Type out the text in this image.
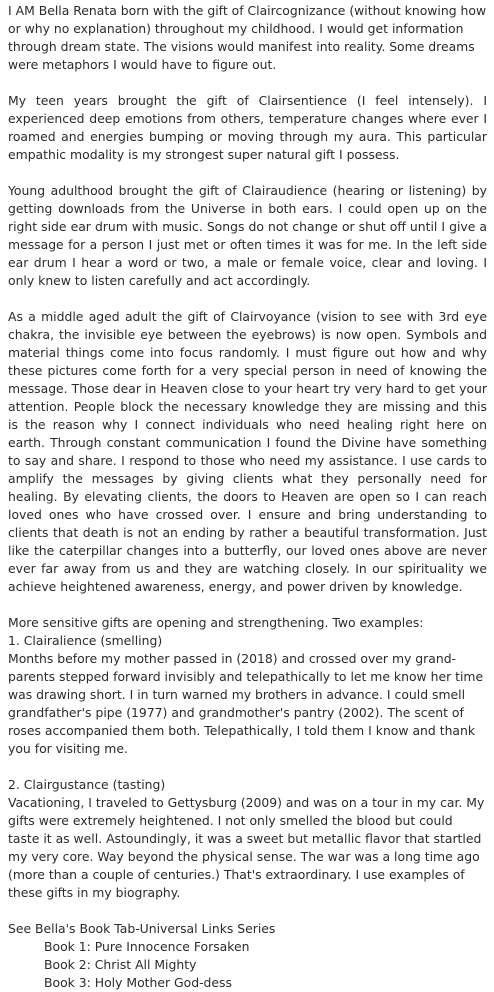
I AM Bella Renata born with the gift of Claircognizance (without knowing how or why no explanation) throughout my childhood. I would get information through dream state. The visions would manifest into reality. Some dreams were metaphors I would have to figure out.

My teen years brought the gift of Clairsentience (I feel intensely). I experienced deep emotions from others, temperature changes where ever I roamed and energies bumping or moving through my aura. This particular empathic modality is my strongest super natural gift I possess.

Young adulthood brought the gift of Clairaudience (hearing or listening) by getting downloads from the Universe in both ears. I could open up on the right side ear drum with music. Songs do not change or shut off until I give a message for a person I just met or often times it was for me. In the left side ear drum I hear a word or two, a male or female voice, clear and loving. I only knew to listen carefully and act accordingly.

As a middle aged adult the gift of Clairvoyance (vision to see with 3rd eye chakra, the invisible eye between the eyebrows) is now open. Symbols and material things come into focus randomly. I must figure out how and why these pictures come forth for a very special person in need of knowing the message. Those dear in Heaven close to your heart try very hard to get your attention. People block the necessary knowledge they are missing and this is the reason why I connect individuals who need healing right here on earth. Through constant communication I found the Divine have something to say and share. I respond to those who need my assistance. I use cards to amplify the messages by giving clients what they personally need for healing. By elevating clients, the doors to Heaven are open so I can reach loved ones who have crossed over. I ensure and bring understanding to clients that death is not an ending by rather a beautiful transformation. Just like the caterpillar changes into a butterfly, our loved ones above are never ever far away from us and they are watching closely. In our spirituality we achieve heightened awareness, energy, and power driven by knowledge.

More sensitive gifts are opening and strengthening. Two examples:

1. Clairalience (smelling)

Months before my mother passed in (2018) and crossed over my grand-parents stepped forward invisibly and telepathically to let me know her time was drawing short. I in turn warned my brothers in advance. I could smell grandfather's pipe (1977) and grandmother's pantry (2002). The scent of roses accompanied them both. Telepathically, I told them I know and thank you for visiting me.

2. Clairgustance (tasting)

Vacationing, I traveled to Gettysburg (2009) and was on a tour in my car. My gifts were extremely heightened. I not only smelled the blood but could taste it as well. Astoundingly, it was a sweet but metallic flavor that startled my very core. Way beyond the physical sense. The war was a long time ago (more than a couple of centuries.) That's extraordinary. I use examples of these gifts in my biography.

See Bella's Book Tab-Universal Links Series

Book 1: Pure Innocence Forsaken

Book 2: Christ All Mighty

Book 3: Holy Mother God-dess
